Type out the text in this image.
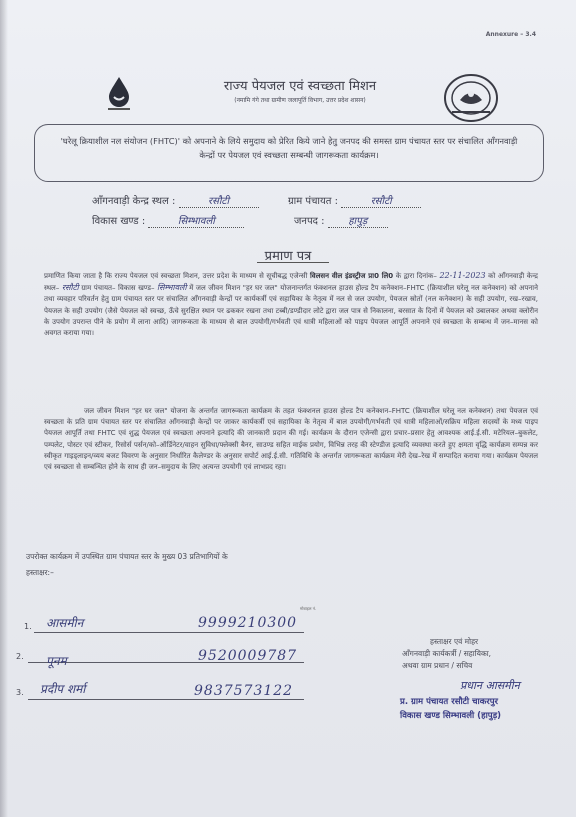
Annexure – 3.4
राज्य पेयजल एवं स्वच्छता मिशन
(नमामि गंगे तथा ग्रामीण जलापूर्ति विभाग, उत्तर प्रदेश शासन)
'घरेलू क्रियाशील नल संयोजन (FHTC)' को अपनाने के लिये समुदाय को प्रेरित किये जाने हेतु जनपद की समस्त ग्राम पंचायत स्तर पर संचालित आँगनवाड़ी केन्द्रों पर पेयजल एवं स्वच्छता सम्बन्धी जागरूकता कार्यक्रम।
आँगनवाड़ी केन्द्र स्थल :	रसौटी	ग्राम पंचायत :	रसौटी
विकास खण्ड :	सिम्भावली	जनपद : हापुड़
प्रमाण पत्र
प्रमाणित किया जाता है कि राज्य पेयजल एवं स्वच्छता मिशन, उत्तर प्रदेश के माध्यम से सूचीबद्ध एजेन्सी विलसन वील इंडस्ट्रीज प्रा0 लि0 के द्वारा दिनांक– 22-11-2023 को आँगनवाड़ी केन्द्र स्थल– रसौटी ग्राम पंचायत– विकास खण्ड– सिम्भावली में जल जीवन मिशन "हर घर जल" योजनान्तर्गत फंक्शनल हाउस होल्ड टैप कनेक्शन–FHTC (क्रियाशील घरेलू नल कनेक्शन) को अपनाने तथा व्यवहार परिवर्तन हेतु ग्राम पंचायत स्तर पर संचालित आँगनवाड़ी केन्द्रों पर कार्यकर्त्री एवं सहायिका के नेतृत्व में नल से जल उपयोग, पेयजल स्रोतों (नल कनेक्शन) के सही उपयोग, रख–रखाव, पेयजल के सही उपयोग (जैसे पेयजल को स्वच्छ, ऊँचे सुरक्षित स्थान पर ढककर रखना तथा टब्बी/डण्डीदार लोटे द्वारा जल पात्र से निकालना, बरसात के दिनों में पेयजल को उबालकर अथवा क्लोरीन के उपयोग उपरान्त पीने के प्रयोग में लाना आदि) जागरूकता के माध्यम से बाल उपयोगी/गर्भवती एवं धात्री महिलाओं को पाइप पेयजल आपूर्ति अपनाने एवं स्वच्छता के सम्बन्ध में जन–मानस को अवगत कराया गया।
जल जीवन मिशन "हर घर जल" योजना के अन्तर्गत जागरूकता कार्यक्रम के तहत फंक्शनल हाउस होल्ड टैप कनेक्शन–FHTC (क्रियाशील घरेलू नल कनेक्शन) तथा पेयजल एवं स्वच्छता के प्रति ग्राम पंचायत स्तर पर संचालित आँगनवाड़ी केन्द्रों पर जाकर कार्यकर्त्री एवं सहायिका के नेतृत्व में बाल उपयोगी/गर्भवती एवं धात्री महिलाओं/सक्रिय महिला सदस्यों के मध्य पाइप पेयजल आपूर्ति तथा FHTC एवं शुद्ध पेयजल एवं स्वच्छता अपनाने इत्यादि की जानकारी प्रदान की गई। कार्यक्रम के दौरान एजेन्सी द्वारा प्रचार–प्रसार हेतु आवश्यक आई.ई.सी. मटेरियल–बुकलेट, पम्पलेट, पोस्टर एवं स्टीकर, रिसोर्स पर्सन/को–ऑर्डिनेटर/वाहन सुविधा/फ्लेक्सी बैनर, साउण्ड सहित माईक प्रयोग, विभिन्न तरह की स्टेण्डीज इत्यादि व्यवस्था करते हुए क्षमता वृद्धि कार्यक्रम सम्पन्न कर स्वीकृत गाइड्लाइन/व्यय बजट विवरण के अनुसार निर्धारित कैलेण्डर के अनुसार सपोर्ट आई.ई.सी. गतिविधि के अन्तर्गत जागरूकता कार्यक्रम मेरी देख–रेख में सम्पादित कराया गया। कार्यक्रम पेयजल एवं स्वच्छता से सम्बन्धित होने के साथ ही जन–समुदाय के लिए अत्यन्त उपयोगी एवं लाभप्रद रहा।
उपरोक्त कार्यक्रम में उपस्थित ग्राम पंचायत स्तर के मुख्य 03 प्रतिभागियों के
हस्ताक्षर:–
मोबाइल नं.
1. आसमीन	9999210300
2. पूनम	9520009787
3. प्रदीप शर्मा	9837573122
हस्ताक्षर एवं मोहर
आँगनवाड़ी कार्यकर्त्री / सहायिका,
अथवा ग्राम प्रधान / सचिव
प्रधान आसमीन
प्र. ग्राम पंचायत रसौटी चाकरपुर
विकास खण्ड सिम्भावली (हापुड़)
